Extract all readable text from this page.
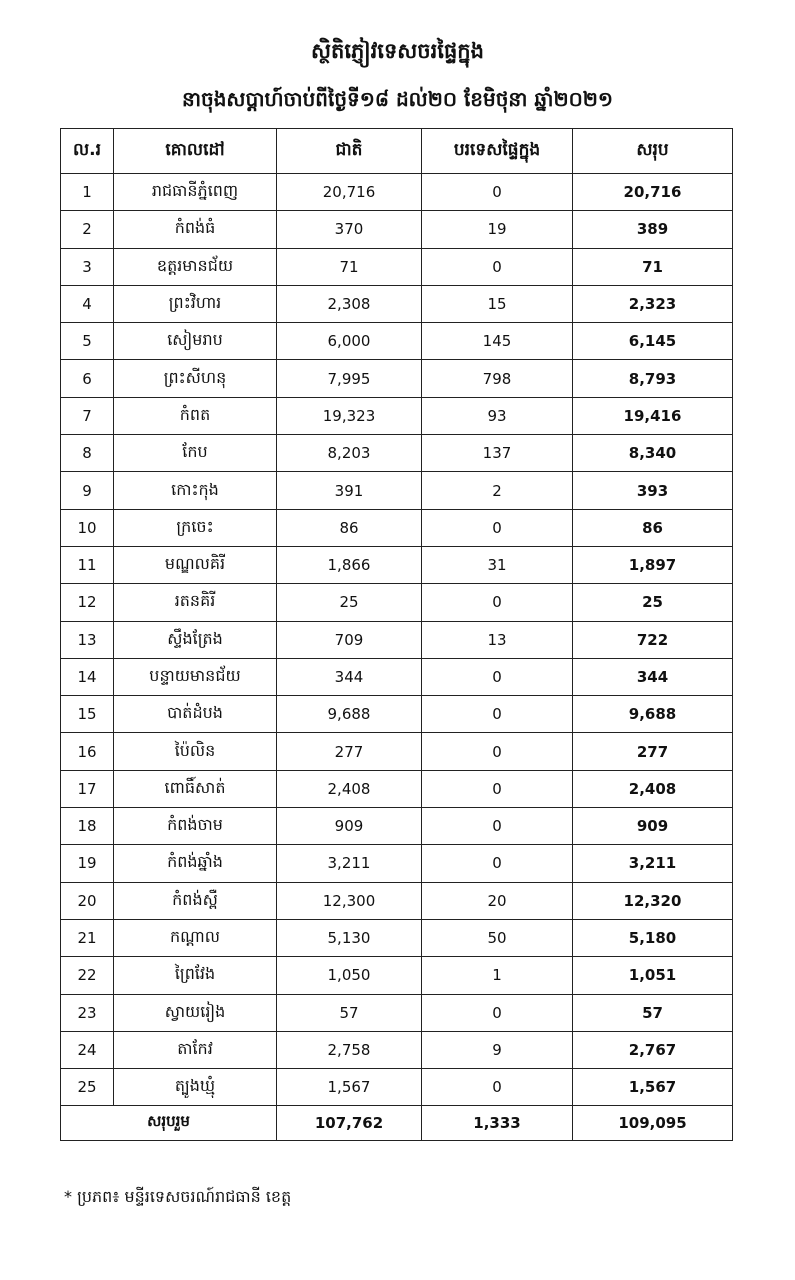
ស្ថិតិភ្ញៀវទេសចរផ្ទៃក្នុង
នាចុងសប្តាហ៍ចាប់ពីថ្ងៃទី១៨ ដល់២០ ខែមិថុនា ឆ្នាំ២០២១
ល.រ	គោលដៅ	ជាតិ	បរទេសផ្ទៃក្នុង	សរុប
1	រាជធានីភ្នំពេញ	20,716	0	20,716
2	កំពង់ធំ	370	19	389
3	ឧត្តរមានជ័យ	71	0	71
4	ព្រះវិហារ	2,308	15	2,323
5	សៀមរាប	6,000	145	6,145
6	ព្រះសីហនុ	7,995	798	8,793
7	កំពត	19,323	93	19,416
8	កែប	8,203	137	8,340
9	កោះកុង	391	2	393
10	ក្រចេះ	86	0	86
11	មណ្ឌលគិរី	1,866	31	1,897
12	រតនគិរី	25	0	25
13	ស្ទឹងត្រែង	709	13	722
14	បន្ទាយមានជ័យ	344	0	344
15	បាត់ដំបង	9,688	0	9,688
16	ប៉ៃលិន	277	0	277
17	ពោធិ៍សាត់	2,408	0	2,408
18	កំពង់ចាម	909	0	909
19	កំពង់ឆ្នាំង	3,211	0	3,211
20	កំពង់ស្ពឺ	12,300	20	12,320
21	កណ្តាល	5,130	50	5,180
22	ព្រៃវែង	1,050	1	1,051
23	ស្វាយរៀង	57	0	57
24	តាកែវ	2,758	9	2,767
25	ត្បូងឃ្មុំ	1,567	0	1,567
សរុបរួម		107,762	1,333	109,095
* ប្រភព៖ មន្ទីរទេសចរណ៍រាជធានី ខេត្ត
